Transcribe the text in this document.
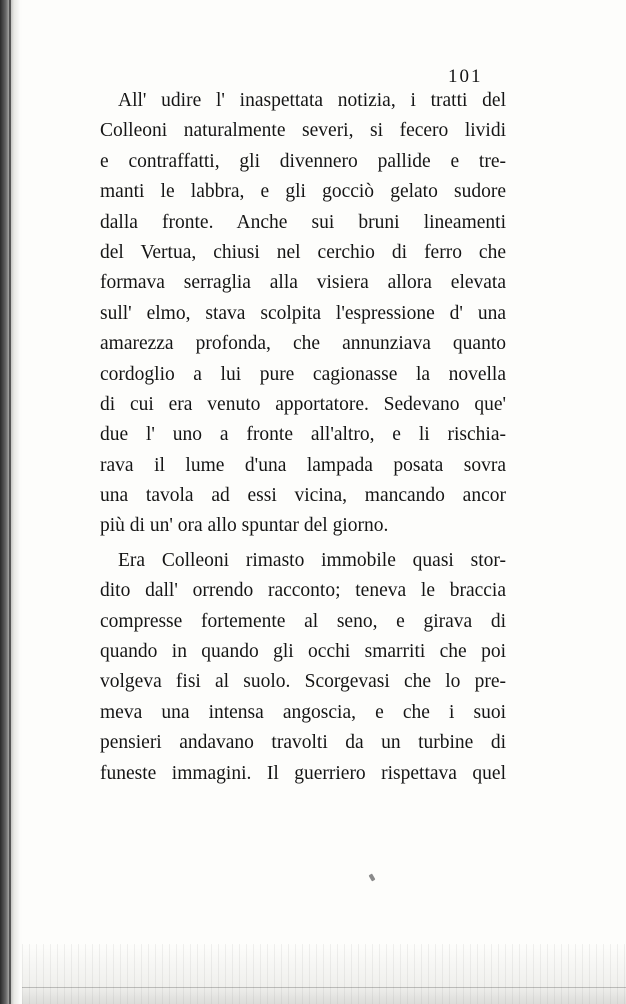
101
All' udire l' inaspettata notizia, i tratti del
Colleoni naturalmente severi, si fecero lividi
e contraffatti, gli divennero pallide e tre-
manti le labbra, e gli gocciò gelato sudore
dalla fronte. Anche sui bruni lineamenti
del Vertua, chiusi nel cerchio di ferro che
formava serraglia alla visiera allora elevata
sull' elmo, stava scolpita l'espressione d' una
amarezza profonda, che annunziava quanto
cordoglio a lui pure cagionasse la novella
di cui era venuto apportatore. Sedevano que'
due l' uno a fronte all'altro, e li rischia-
rava il lume d'una lampada posata sovra
una tavola ad essi vicina, mancando ancor
più di un' ora allo spuntar del giorno.
Era Colleoni rimasto immobile quasi stor-
dito dall' orrendo racconto; teneva le braccia
compresse fortemente al seno, e girava di
quando in quando gli occhi smarriti che poi
volgeva fisi al suolo. Scorgevasi che lo pre-
meva una intensa angoscia, e che i suoi
pensieri andavano travolti da un turbine di
funeste immagini. Il guerriero rispettava quel
